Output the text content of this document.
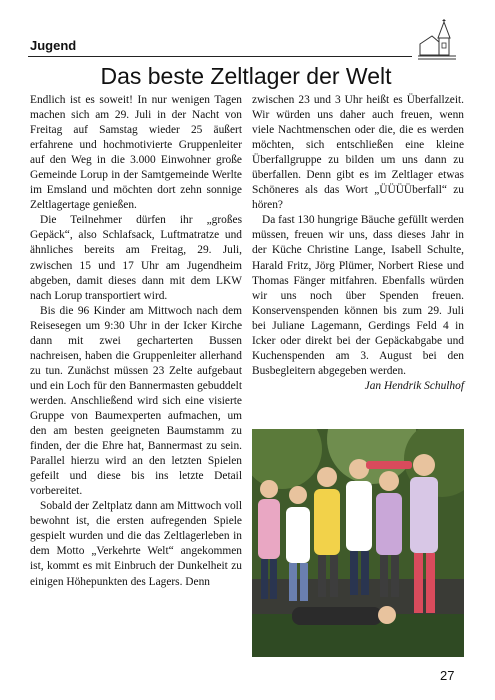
Jugend
Das beste Zeltlager der Welt

Endlich ist es soweit! In nur wenigen Tagen machen sich am 29. Juli in der Nacht von Freitag auf Samstag wieder 25 äußert erfahrene und hochmotivierte Gruppenleiter auf den Weg in die 3.000 Einwohner große Gemeinde Lorup in der Samtgemeinde Werlte im Emsland und möchten dort zehn sonnige Zeltlagertage genießen.

Die Teilnehmer dürfen ihr „großes Gepäck“, also Schlafsack, Luftmatratze und ähnliches bereits am Freitag, 29. Juli, zwischen 15 und 17 Uhr am Jugendheim abgeben, damit dieses dann mit dem LKW nach Lorup transportiert wird.

Bis die 96 Kinder am Mittwoch nach dem Reisesegen um 9:30 Uhr in der Icker Kirche dann mit zwei gecharterten Bussen nachreisen, haben die Gruppenleiter allerhand zu tun. Zunächst müssen 23 Zelte aufgebaut und ein Loch für den Bannermasten gebuddelt werden. Anschließend wird sich eine visierte Gruppe von Baumexperten aufmachen, um den am besten geeigneten Baumstamm zu finden, der die Ehre hat, Bannermast zu sein. Parallel hierzu wird an den letzten Spielen gefeilt und diese bis ins letzte Detail vorbereitet.

Sobald der Zeltplatz dann am Mittwoch voll bewohnt ist, die ersten aufregenden Spiele gespielt wurden und die das Zeltlagerleben in dem Motto „Verkehrte Welt“ angekommen ist, kommt es mit Einbruch der Dunkelheit zu einigen Höhepunkten des Lagers. Denn

zwischen 23 und 3 Uhr heißt es Überfallzeit. Wir würden uns daher auch freuen, wenn viele Nachtmenschen oder die, die es werden möchten, sich entschließen eine kleine Überfallgruppe zu bilden um uns dann zu überfallen. Denn gibt es im Zeltlager etwas Schöneres als das Wort „ÜÜÜÜberfall“ zu hören?

Da fast 130 hungrige Bäuche gefüllt werden müssen, freuen wir uns, dass dieses Jahr in der Küche Christine Lange, Isabell Schulte, Harald Fritz, Jörg Plümer, Norbert Riese und Thomas Fänger mitfahren. Ebenfalls würden wir uns noch über Spenden freuen. Konservenspenden können bis zum 29. Juli bei Juliane Lagemann, Gerdings Feld 4 in Icker oder direkt bei der Gepäckabgabe und Kuchenspenden am 3. August bei den Busbegleitern abgegeben werden.

Jan Hendrik Schulhof

27
